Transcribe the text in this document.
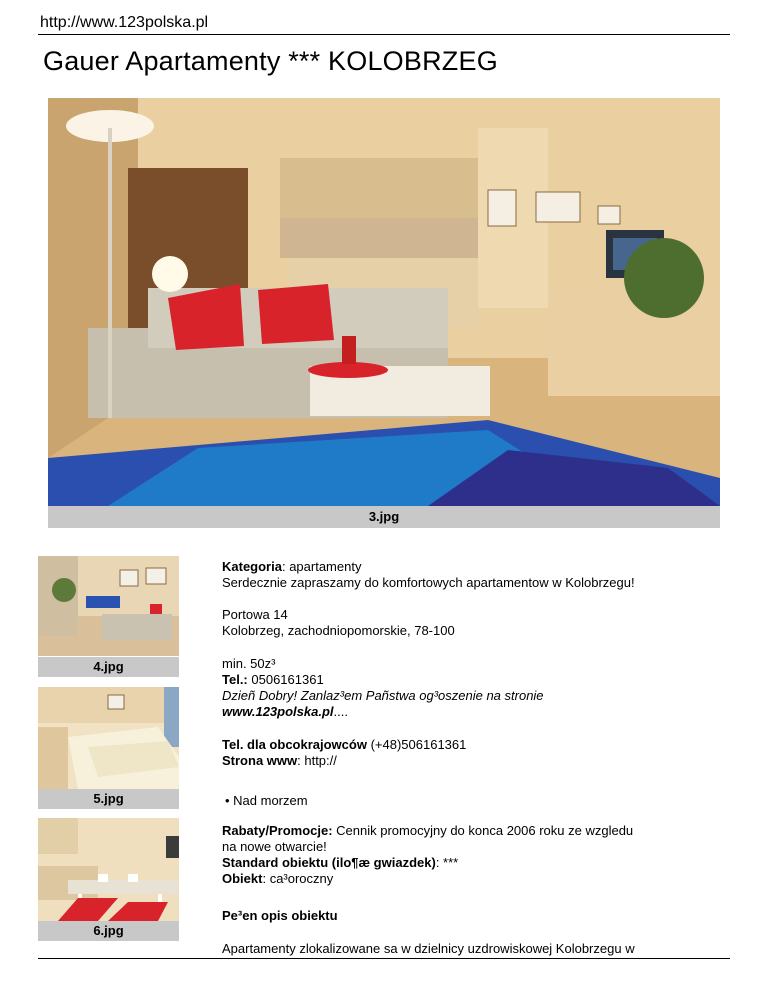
http://www.123polska.pl
Gauer Apartamenty *** KOLOBRZEG
3.jpg
4.jpg
5.jpg
6.jpg
Kategoria: apartamenty
Serdecznie zapraszamy do komfortowych apartamentow w Kolobrzegu!
Portowa 14
Kolobrzeg, zachodniopomorskie, 78-100
min. 50z³
Tel.: 0506161361
Dzieñ Dobry! Zanlaz³em Pañstwa og³oszenie na stronie
www.123polska.pl....
Tel. dla obcokrajowców (+48)506161361
Strona www: http://
• Nad morzem
Rabaty/Promocje: Cennik promocyjny do konca 2006 roku ze wzgledu
na nowe otwarcie!
Standard obiektu (ilo¶æ gwiazdek): ***
Obiekt: ca³oroczny
Pe³en opis obiektu
Apartamenty zlokalizowane sa w dzielnicy uzdrowiskowej Kolobrzegu w
